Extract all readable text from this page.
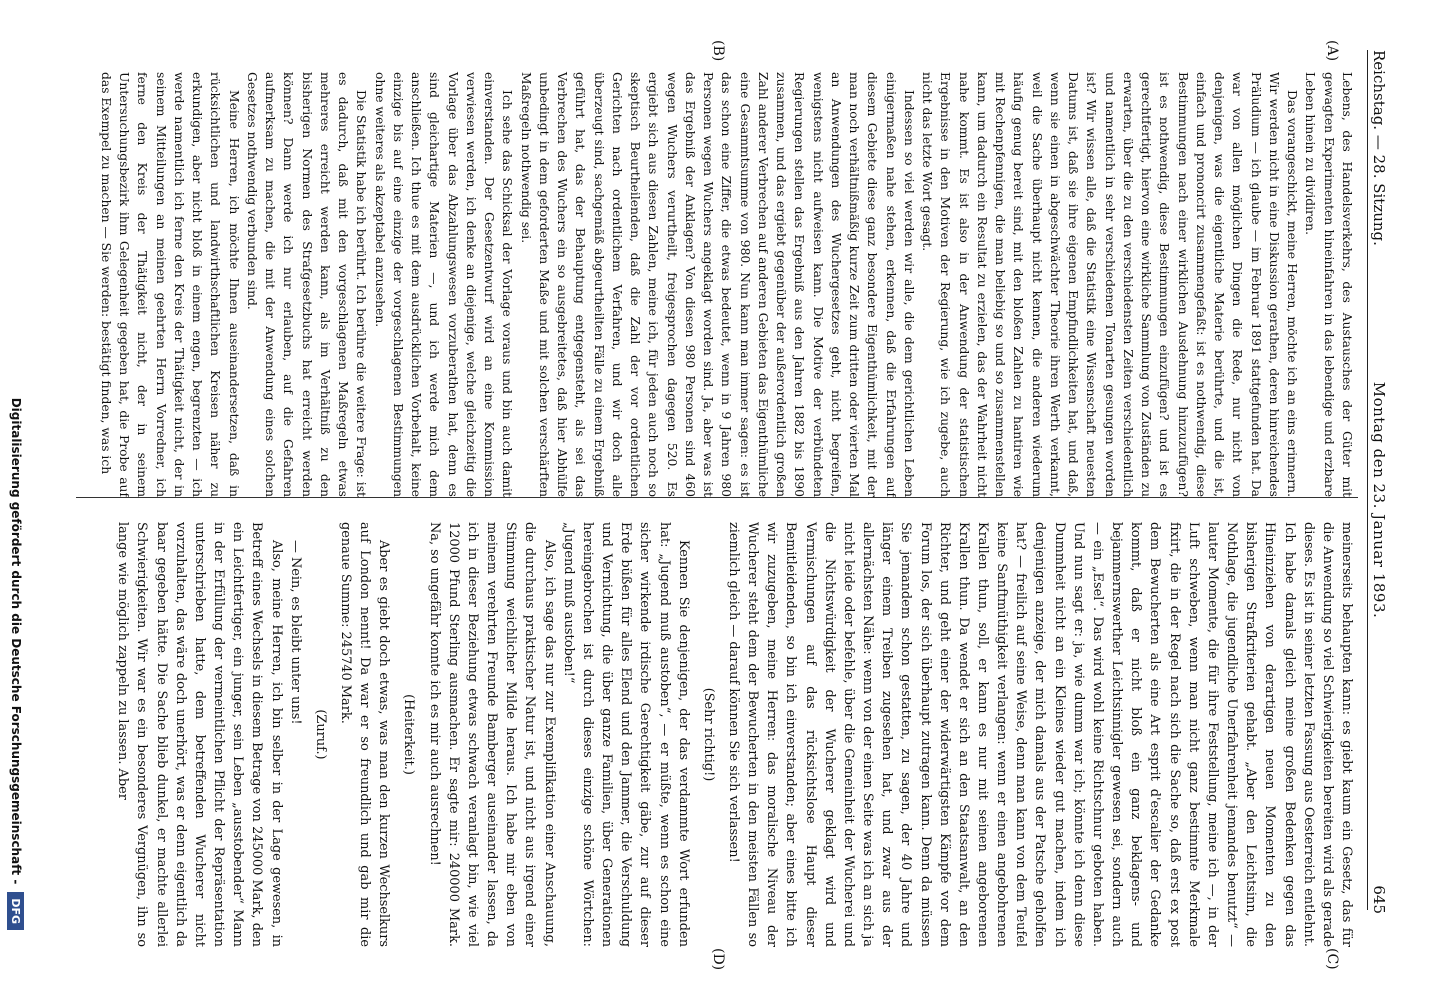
Reichstag. — 28. Sitzung.
Montag den 23. Januar 1893.
645
(A)
(B)
(C)
(D)

Lebens, des Handelsverkehrs, des Austausches der Güter mit gewagten Experimenten hineinfahren in das lebendige und erzbare Leben hinein zu dividiren.

Das vorangeschickt, meine Herren, möchte ich an eins erinnern. Wir werden nicht in eine Diskussion gerathen, deren hinreichendes Präludium — ich glaube — im Februar 1891 stattgefunden hat. Da war von allen möglichen Dingen die Rede, nur nicht von denjenigen, was die eigentliche Materie berührte, und die ist, einfach und prononcirt zusammengefaßt: ist es nothwendig, diese Bestimmungen nach einer wirklichen Ausdehnung hinzuzufügen? ist es nothwendig, diese Bestimmungen einzufügen? und ist es gerechtfertigt, hiervon eine wirkliche Sammlung von Zuständen zu erwarten, über die zu den verschiedensten Zeiten verschiedentlich und namentlich in sehr verschiedenen Tonarten gesungen worden ist? Wir wissen alle, daß die Statistik eine Wissenschaft neuesten Datums ist, daß sie ihre eigenen Empfindlichkeiten hat, und daß, wenn sie einen in abgeschwächter Theorie ihren Werth verkannt, weil die Sache überhaupt nicht kennen, die anderen wiederum häufig genug bereit sind, mit den bloßen Zahlen zu hantiren wie mit Rechenpfennigen, die man beliebig so und so zusammenstellen kann, um dadurch ein Resultat zu erzielen, das der Wahrheit nicht nahe kommt. Es ist also in der Anwendung der statistischen Ergebnisse in den Motiven der Regierung, wie ich zugebe, auch nicht das letzte Wort gesagt.

Indessen so viel werden wir alle, die dem gerichtlichen Leben einigermaßen nahe stehen, erkennen, daß die Erfahrungen auf diesem Gebiete diese ganz besondere Eigenthümlichkeit, mit der man noch verhältnißmäßig kurze Zeit zum dritten oder vierten Mal an Anwendungen des Wuchergesetzes geht, nicht begreifen, wenigstens nicht aufweisen kann. Die Motive der verbündeten Regierungen stellen das Ergebniß aus den Jahren 1882 bis 1890 zusammen, und das ergiebt gegenüber der außerordentlich großen Zahl anderer Verbrechen auf anderen Gebieten das Eigenthümliche eine Gesammtsumme von 980. Nun kann man immer sagen: es ist das schon eine Ziffer, die etwas bedeutet, wenn in 9 Jahren 980 Personen wegen Wuchers angeklagt worden sind. Ja, aber was ist das Ergebniß der Anklagen? Von diesen 980 Personen sind 460 wegen Wuchers verurtheilt, freigesprochen dagegen 520. Es ergiebt sich aus diesen Zahlen, meine ich, für jeden auch noch so skeptisch Beurtheilenden, daß die Zahl der vor ordentlichen Gerichten nach ordentlichem Verfahren, und wir doch alle überzeugt sind, sachgemäß abgeurtheilten Fälle zu einem Ergebniß geführt hat, das der Behauptung entgegensteht, als sei das Verbrechen des Wuchers ein so ausgebreitetes, daß hier Abhülfe unbedingt in dem geforderten Maße und mit solchen verschärften Maßregeln nothwendig sei.

Ich sehe das Schicksal der Vorlage voraus und bin auch damit einverstanden. Der Gesetzentwurf wird an eine Kommission verwiesen werden, ich denke an diejenige, welche gleichzeitig die Vorlage über das Abzahlungswesen vorzuberathen hat, denn es sind gleichartige Materien —, und ich werde mich dem anschließen. Ich thue es mit dem ausdrücklichen Vorbehalt, keine einzige bis auf eine einzige der vorgeschlagenen Bestimmungen ohne weiteres als akzeptabel anzusehen.

Die Statistik habe ich berührt. Ich berühre die weitere Frage: ist es dadurch, daß mit den vorgeschlagenen Maßregeln etwas mehreres erreicht werden kann, als im Verhältniß zu den bisherigen Normen des Strafgesetzbuchs hat erreicht werden können? Dann werde ich nur erlauben, auf die Gefahren aufmerksam zu machen, die mit der Anwendung eines solchen Gesetzes nothwendig verbunden sind.

Meine Herren, ich möchte Ihnen auseinandersetzen, daß in rücksichtlichen und landwirthschaftlichen Kreisen näher zu erkundigen, aber nicht bloß in einem engen, begrenzten — ich werde namentlich ich ferne den Kreis der Thätigkeit nicht, der in seinem Mitteilungen an meinen geehrten Herrn Vorredner, ich ferne den Kreis der Thätigkeit nicht, der in seinem Untersuchungsbezirk ihm Gelegenheit gegeben hat, die Probe auf das Exempel zu machen — Sie werden: bestätigt finden, was ich

meinerseits behaupten kann: es giebt kaum ein Gesetz, das für die Anwendung so viel Schwierigkeiten bereiten wird als gerade dieses. Es ist in seiner letzten Fassung aus Oesterreich entlehnt. Ich habe damals gleich meine großen Bedenken gegen das Hineinziehen von derartigen neuen Momenten zu den bisherigen Strafkriterien gehabt. „Aber den Leichtsinn, die Nothlage, die jugendliche Unerfahrenheit jemandes benutzt“ — lauter Momente, die für ihre Feststellung, meine ich —, in der Luft schweben, wenn man nicht ganz bestimmte Merkmale fixirt, die in der Regel nach sich die Sache so, daß erst ex post dem Bewucherten als eine Art esprit d'escalier der Gedanke kommt, daß er nicht bloß ein ganz beklagens- und bejammernswerther Leichtsinnigler gewesen sei, sondern auch — ein „Esel“. Das wird wohl keine Richtschnur geboten haben. Und nun sagt er: ja, wie dumm war ich; könnte ich denn diese Dummheit nicht an ein Kleines wieder gut machen, indem ich denjenigen anzeige, der mich damals aus der Patsche geholfen hat? — freilich auf seine Weise, denn man kann von dem Teufel keine Sanftmüthigkeit verlangen: wenn er einen angebohrenen Krallen thun, soll, er kann es nur mit seinen angeborenen Krallen thun. Da wendet er sich an den Staatsanwalt, an den Richter, und geht einer der widerwärtigsten Kämpfe vor dem Forum los, der sich überhaupt zutragen kann. Denn da müssen Sie jemandem schon gestatten, zu sagen, der 40 Jahre und länger einem Treiben zugesehen hat, und zwar aus der allernächsten Nähe: wenn von der einen Seite was ich an sich ja nicht leide oder befehle, über die Gemeinheit der Wucherei und die Nichtswürdigkeit der Wucherer geklagt wird und Vermischungen auf das rücksichtslose Haupt dieser Bemitleidenden, so bin ich einverstanden; aber eines bitte ich wir zuzugeben, meine Herren: das moralische Niveau der Wucherer steht dem der Bewucherten in den meisten Fällen so ziemlich gleich — darauf können Sie sich verlassen!

(Sehr richtig!)

Kennen Sie denjenigen, der das verdammte Wort erfunden hat: „Jugend muß austoben“, — er müßte, wenn es schon eine sicher wirkende irdische Gerechtigkeit gäbe, zur auf dieser Erde büßen für alles Elend und den Jammer, die Verschuldung und Vernichtung, die über ganze Familien, über Generationen hereingebrochen ist durch dieses einzige schöne Wörtchen: „Jugend muß austoben!“

Also, ich sage das nur zur Exemplifikation einer Anschauung, die durchaus praktischer Natur ist, und nicht aus irgend einer Stimmung weichlicher Milde heraus. Ich habe mir eben von meinem verehrten Freunde Bamberger auseinander lassen, da ich in dieser Beziehung etwas schwach veranlagt bin, wie viel 12000 Pfund Sterling ausmachen. Er sagte mir: 240000 Mark. Na, so ungefähr konnte ich es mir auch ausrechnen!

(Heiterkeit.)

Aber es giebt doch etwas, was man den kurzen Wechselkurs auf London nennt! Da war er so freundlich und gab mir die genaue Summe: 245740 Mark.

(Zuruf.)

— Nein, es bleibt unter uns!

Also, meine Herren, ich bin selber in der Lage gewesen, in Betreff eines Wechsels in diesem Betrage von 245000 Mark, den ein Leichtfertiger, ein junger, sein Leben „ausstobender“ Mann in der Erfüllung der vermeintlichen Pflicht der Repräsentation unterschrieben hatte, dem betreffenden Wucherer nicht vorzuhalten, das wäre doch unerhört, was er denn eigentlich da baar gegeben hätte. Die Sache blieb dunkel, er machte allerlei Schwierigkeiten. Wir war es ein besonderes Vergnügen, ihn so lange wie möglich zappeln zu lassen. Aber

Digitalisierung gefördert durch die Deutsche Forschungsgemeinschaft -DFG
